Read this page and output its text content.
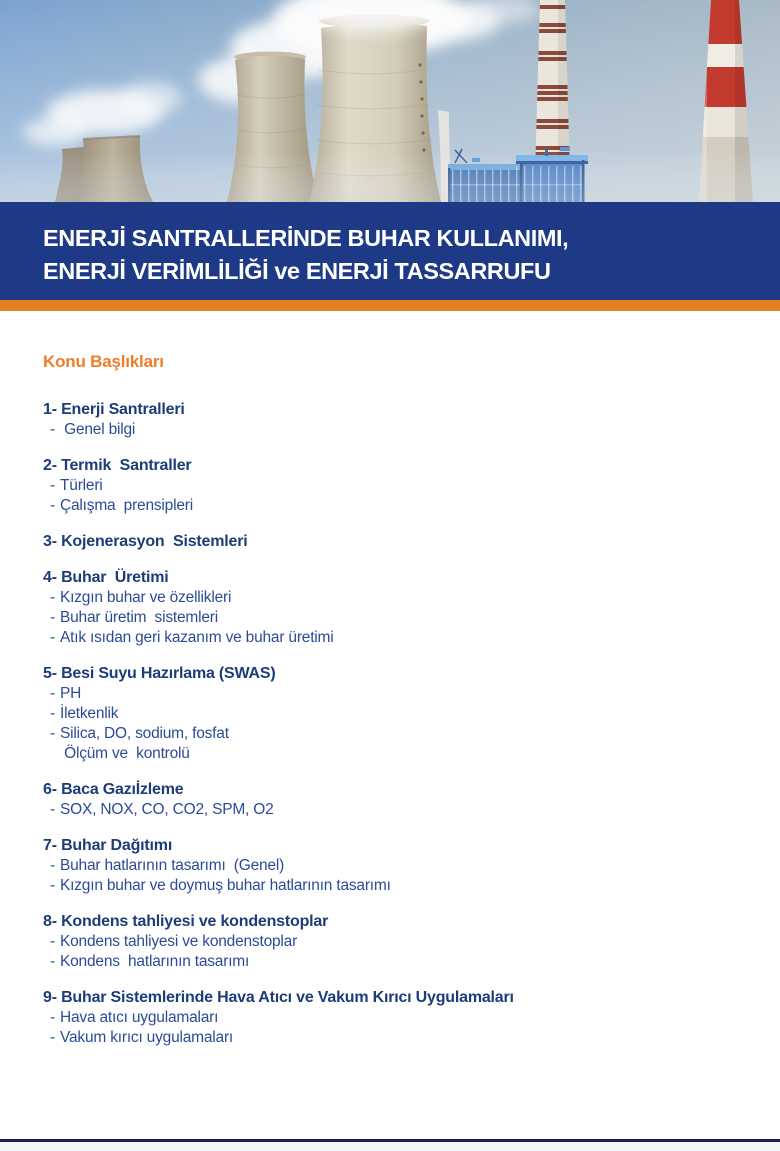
ENERJİ SANTRALLERİNDE BUHAR KULLANIMI,
ENERJİ VERİMLİLİĞİ ve ENERJİ TASSARRUFU
Konu Başlıkları
1- Enerji Santralleri
- Genel bilgi
2- Termik  Santraller
- Türleri
- Çalışma  prensipleri
3- Kojenerasyon  Sistemleri
4- Buhar  Üretimi
- Kızgın buhar ve özellikleri
- Buhar üretim  sistemleri
- Atık ısıdan geri kazanım ve buhar üretimi
5- Besi Suyu Hazırlama (SWAS)
- PH
- İletkenlik
- Silica, DO, sodium, fosfat
Ölçüm ve  kontrolü
6- Baca Gazıİzleme
- SOX, NOX, CO, CO2, SPM, O2
7- Buhar Dağıtımı
- Buhar hatlarının tasarımı  (Genel)
- Kızgın buhar ve doymuş buhar hatlarının tasarımı
8- Kondens tahliyesi ve kondenstoplar
- Kondens tahliyesi ve kondenstoplar
- Kondens  hatlarının tasarımı
9- Buhar Sistemlerinde Hava Atıcı ve Vakum Kırıcı Uygulamaları
- Hava atıcı uygulamaları
- Vakum kırıcı uygulamaları
